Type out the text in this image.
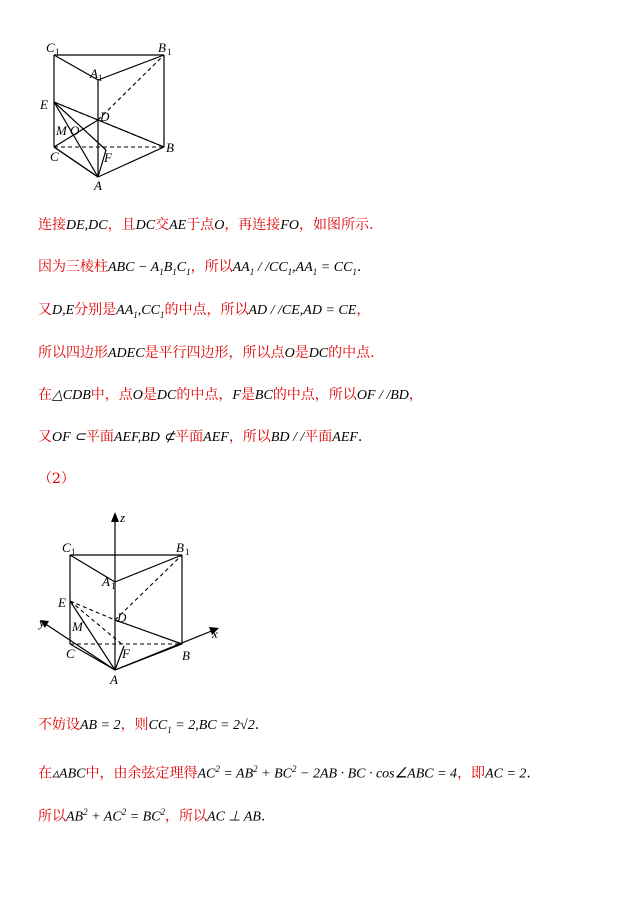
C 1	B 1
A 1
E
M O
D
C	F
B
A
连接DE,DC，且DC交AE于点O，再连接FO，如图所示.
因为三棱柱ABC − $A_1B_1C_1$，所以$AA_1 / /CC_1,AA_1 = CC_1$.
又D,E分别是$AA_1,CC_1$的中点，所以AD / /CE,AD = CE，
所以四边形ADEC是平行四边形，所以点O是DC的中点.
在△CDB中，点O是DC的中点，F是BC的中点，所以OF / /BD，
又OF ⊂平面AEF,BD ⊄平面AEF，所以BD / /平面AEF.
（2）
z
C 1	B 1
A 1
E
y M
D
x
C	F	B
A
不妨设AB = 2，则$CC_1 = 2,BC = 2√2$.
在▵ABC中，由余弦定理得$AC^2 = AB^2 + BC^2 - 2AB$ · BC · cos∠ABC = 4，即AC = 2.
所以$AB^2 + AC^2 = BC^2$，所以AC ⊥ AB.
